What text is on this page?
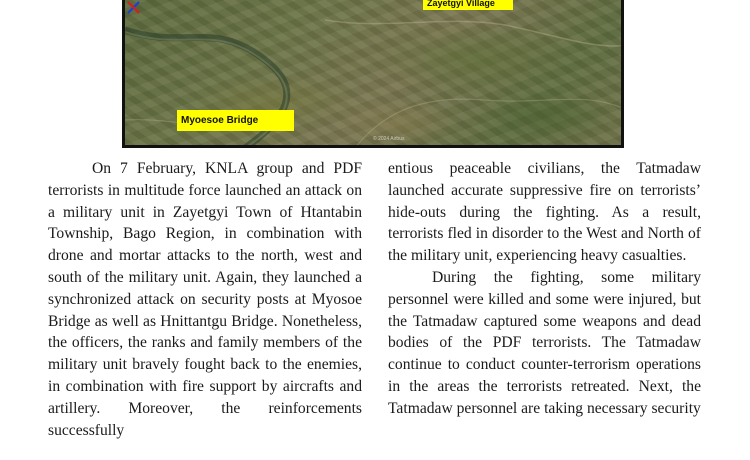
Zayetgyi Village
Myoesoe Bridge
© 2024 Airbus

On 7 February, KNLA group and PDF terrorists in multitude force launched an attack on a military unit in Zayetgyi Town of Htantabin Township, Bago Region, in combination with drone and mortar attacks to the north, west and south of the military unit. Again, they launched a synchronized attack on security posts at Myosoe Bridge as well as Hnittantgu Bridge. Nonetheless, the officers, the ranks and family members of the military unit bravely fought back to the enemies, in combination with fire support by aircrafts and artillery. Moreover, the reinforcements successfully

entious peaceable civilians, the Tatmadaw launched accurate suppressive fire on terrorists’ hide-outs during the fighting. As a result, terrorists fled in disorder to the West and North of the military unit, experiencing heavy casualties.

During the fighting, some military personnel were killed and some were injured, but the Tatmadaw captured some weapons and dead bodies of the PDF terrorists. The Tatmadaw continue to conduct counter-terrorism operations in the areas the terrorists retreated. Next, the Tatmadaw personnel are taking necessary security
